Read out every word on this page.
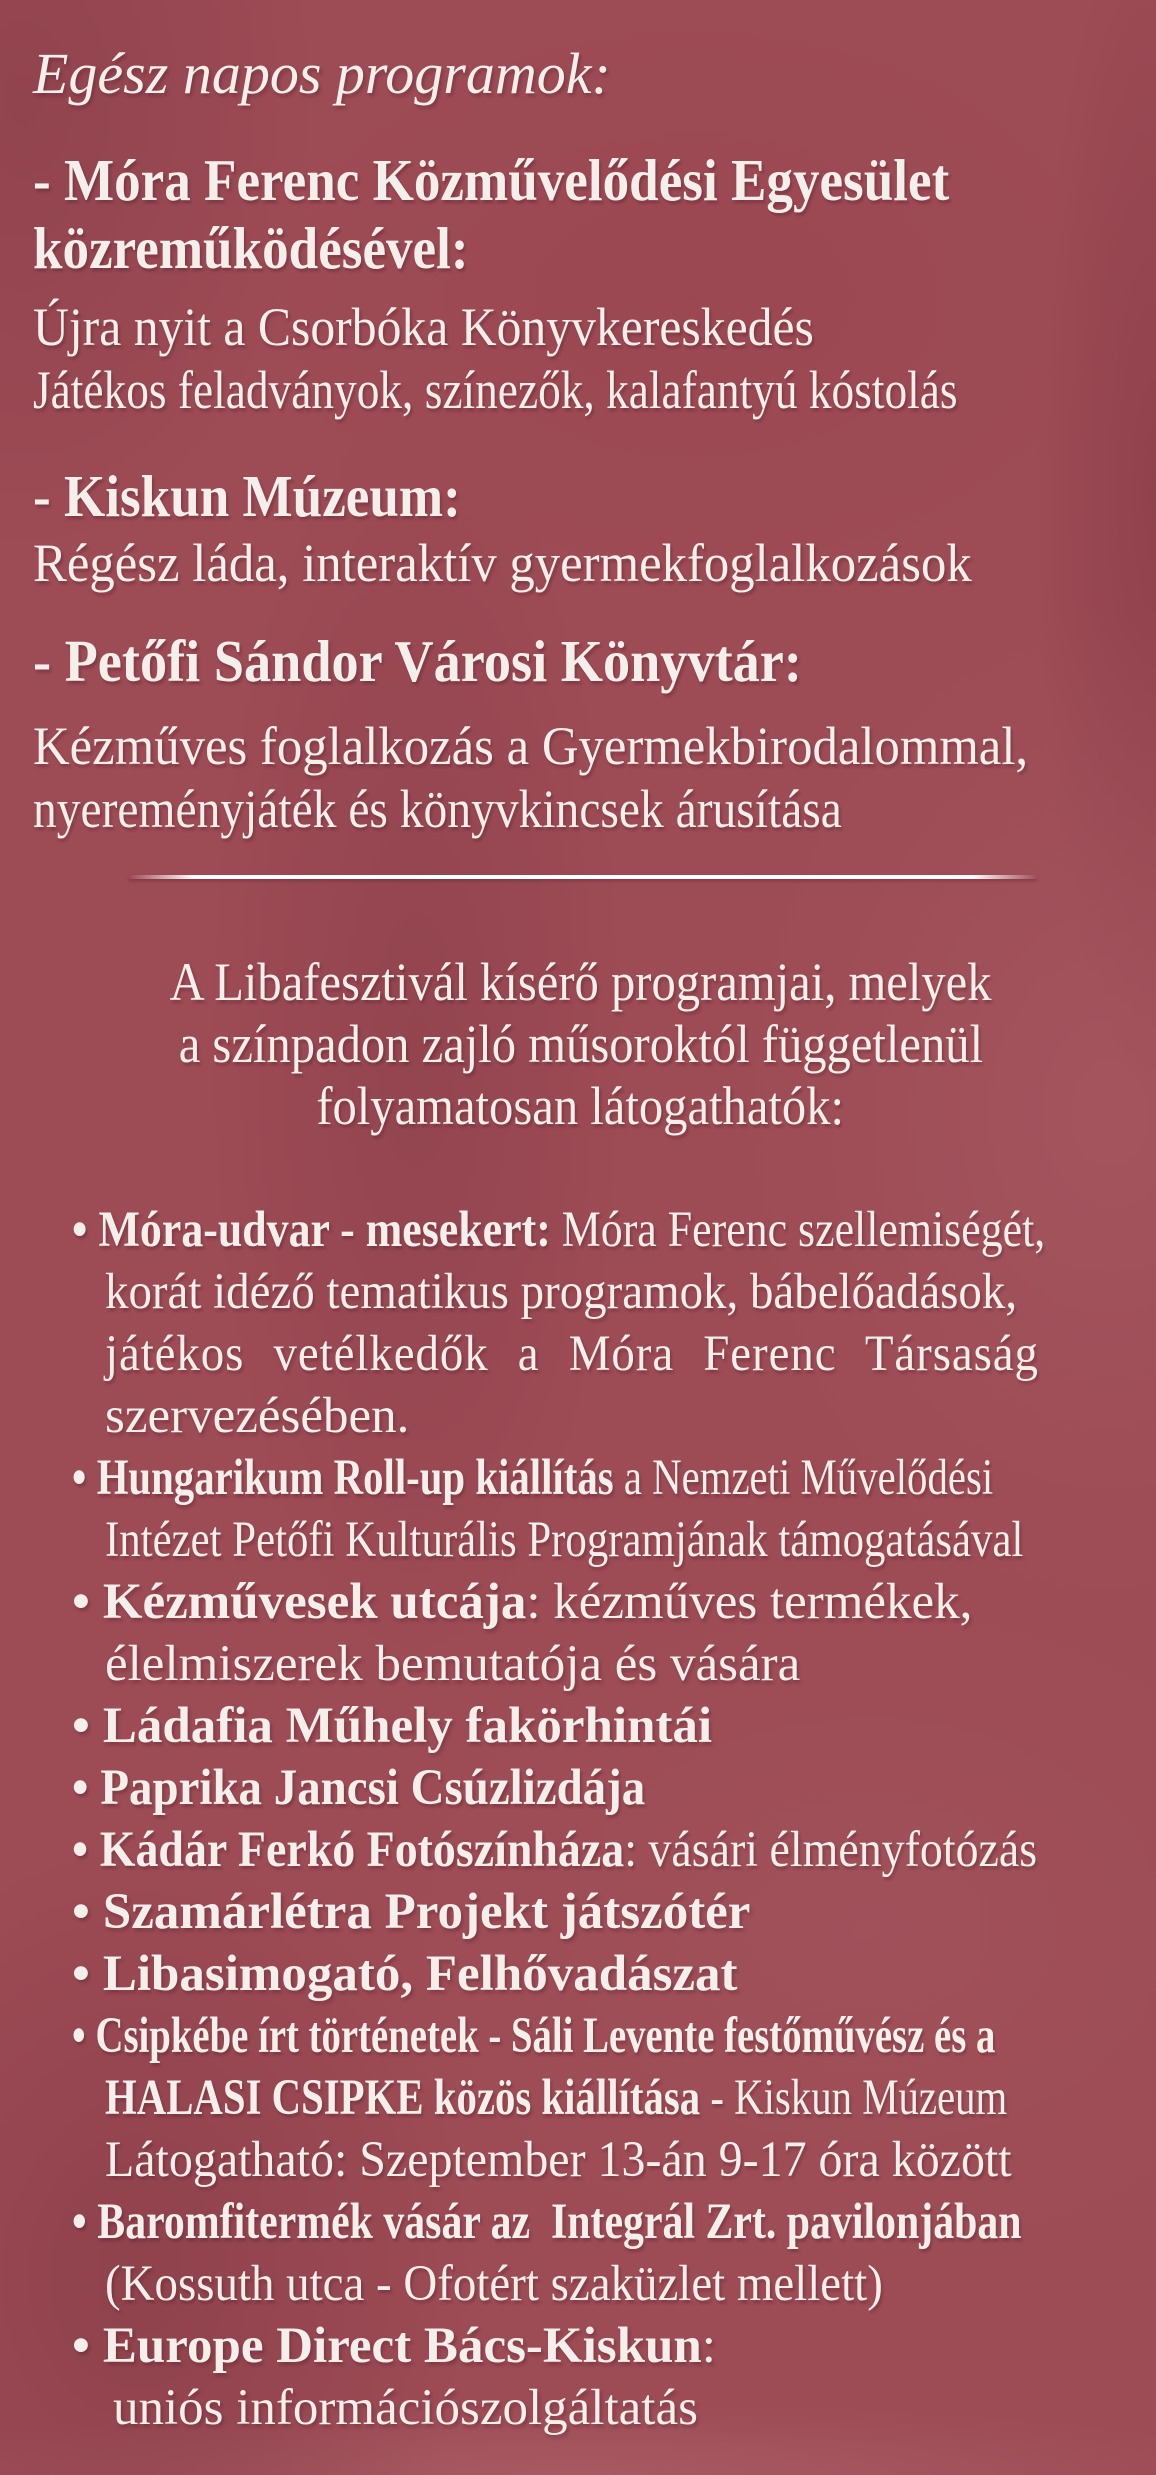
Egész napos programok:
- Móra Ferenc Közművelődési Egyesület
közreműködésével:
Újra nyit a Csorbóka Könyvkereskedés
Játékos feladványok, színezők, kalafantyú kóstolás
- Kiskun Múzeum:
Régész láda, interaktív gyermekfoglalkozások
- Petőfi Sándor Városi Könyvtár:
Kézműves foglalkozás a Gyermekbirodalommal,
nyereményjáték és könyvkincsek árusítása
A Libafesztivál kísérő programjai, melyek
a színpadon zajló műsoroktól függetlenül
folyamatosan látogathatók:
• Móra-udvar - mesekert: Móra Ferenc szellemiségét,
korát idéző tematikus programok, bábelőadások,
játékos vetélkedők a Móra Ferenc Társaság
szervezésében.
• Hungarikum Roll-up kiállítás a Nemzeti Művelődési
Intézet Petőfi Kulturális Programjának támogatásával
• Kézművesek utcája: kézműves termékek,
élelmiszerek bemutatója és vására
• Ládafia Műhely fakörhintái
• Paprika Jancsi Csúzlizdája
• Kádár Ferkó Fotószínháza: vásári élményfotózás
• Szamárlétra Projekt játszótér
• Libasimogató, Felhővadászat
• Csipkébe írt történetek - Sáli Levente festőművész és a
HALASI CSIPKE közös kiállítása - Kiskun Múzeum
Látogatható: Szeptember 13-án 9-17 óra között
• Baromfitermék vásár az  Integrál Zrt. pavilonjában
(Kossuth utca - Ofotért szaküzlet mellett)
• Europe Direct Bács-Kiskun:
uniós információszolgáltatás
